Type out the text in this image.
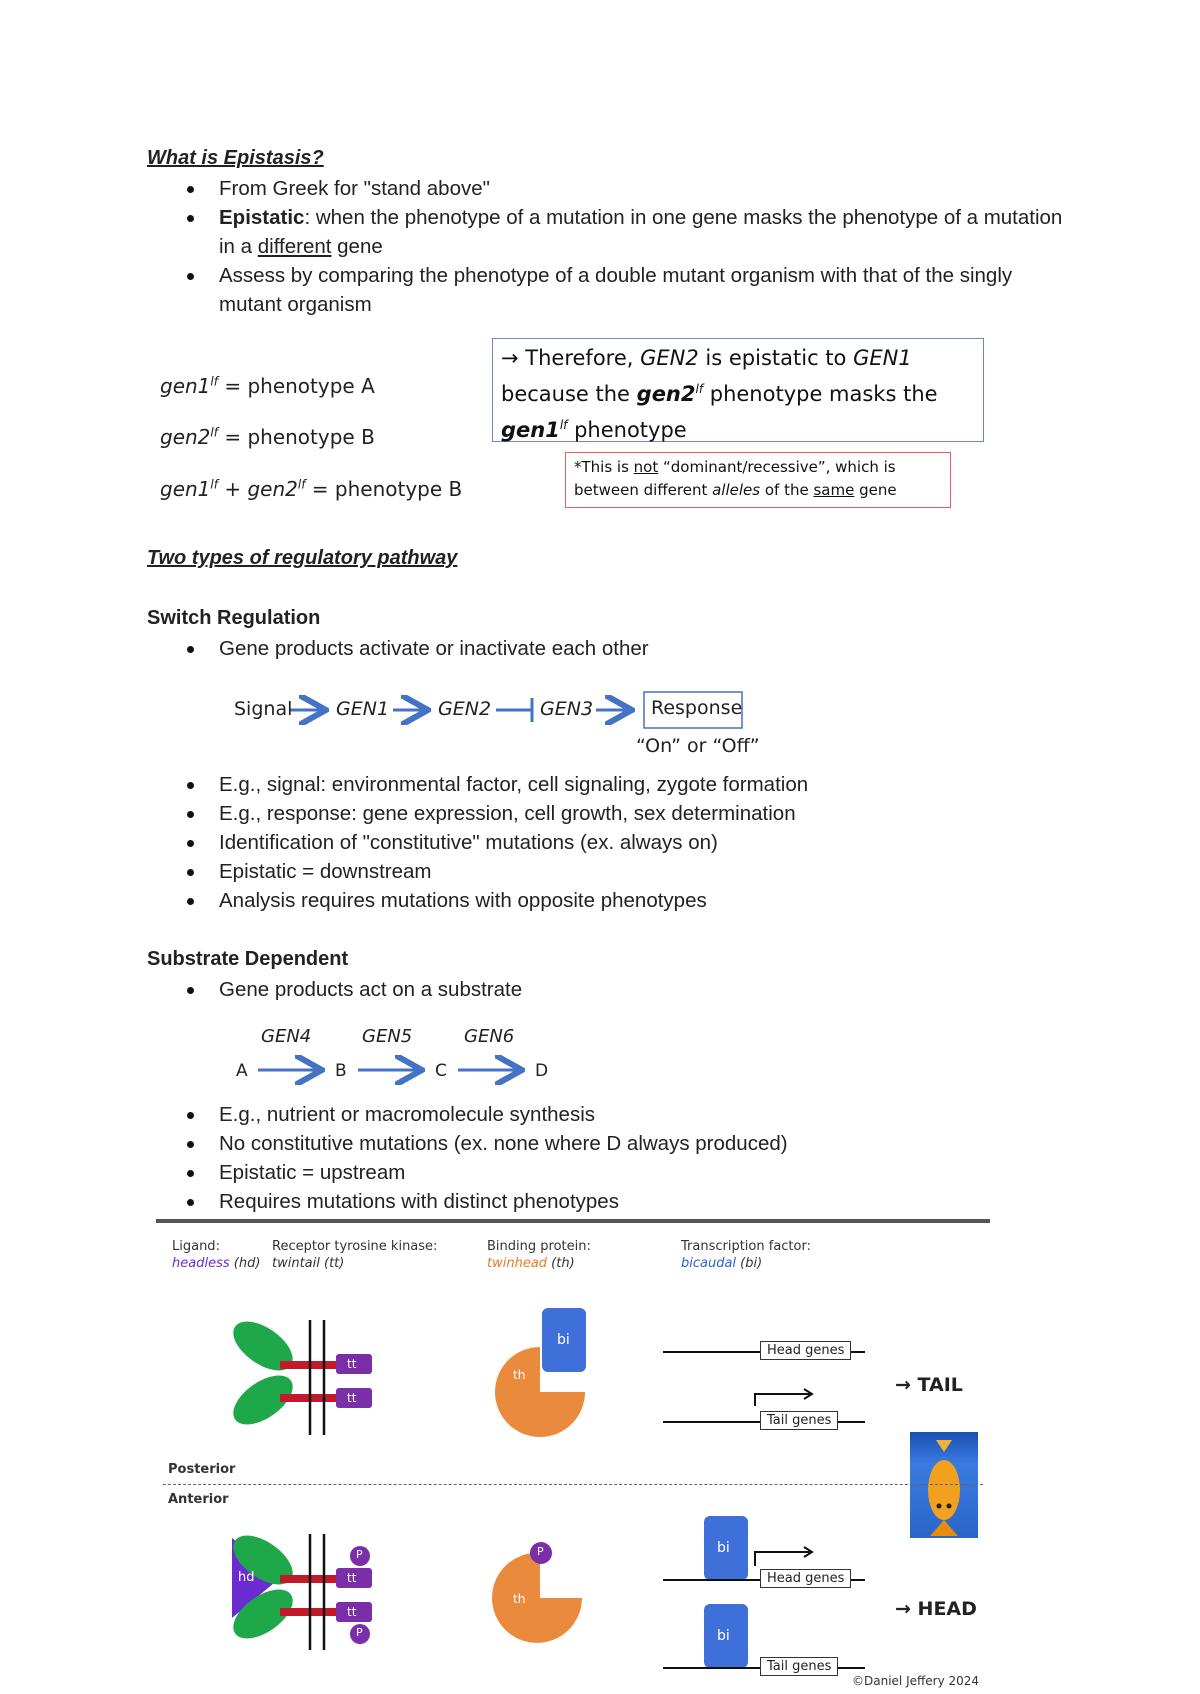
What is Epistasis?
From Greek for "stand above"
Epistatic: when the phenotype of a mutation in one gene masks the phenotype of a mutation in a different gene
Assess by comparing the phenotype of a double mutant organism with that of the singly mutant organism
$gen1^{lf}$ = phenotype A
$gen2^{lf}$ = phenotype B
$gen1^{lf} + gen2^{lf}$ = phenotype B
→ Therefore, GEN2 is epistatic to GEN1 because the $gen2^{lf}$ phenotype masks the $gen1^{lf}$ phenotype
*This is not “dominant/recessive”, which is between different alleles of the same gene
Two types of regulatory pathway
Switch Regulation
Gene products activate or inactivate each other
Signal GEN1	GEN2	GEN3	Response
“On” or “Off”
E.g., signal: environmental factor, cell signaling, zygote formation
E.g., response: gene expression, cell growth, sex determination
Identification of "constitutive" mutations (ex. always on)
Epistatic = downstream
Analysis requires mutations with opposite phenotypes
Substrate Dependent
Gene products act on a substrate
GEN4	GEN5	GEN6
A	B	C	D
E.g., nutrient or macromolecule synthesis
No constitutive mutations (ex. none where D always produced)
Epistatic = upstream
Requires mutations with distinct phenotypes
Ligand:
headless (hd)
Receptor tyrosine kinase:
twintail (tt)
Binding protein:
twinhead (th)
Transcription factor:
bicaudal (bi)
tt
tt
th
bi
Head genes
Tail genes
→ TAIL
Posterior
Anterior
hd
P
tt
tt
P
P
th
bi
bi
Head genes
Tail genes
→ HEAD
©Daniel Jeffery 2024
